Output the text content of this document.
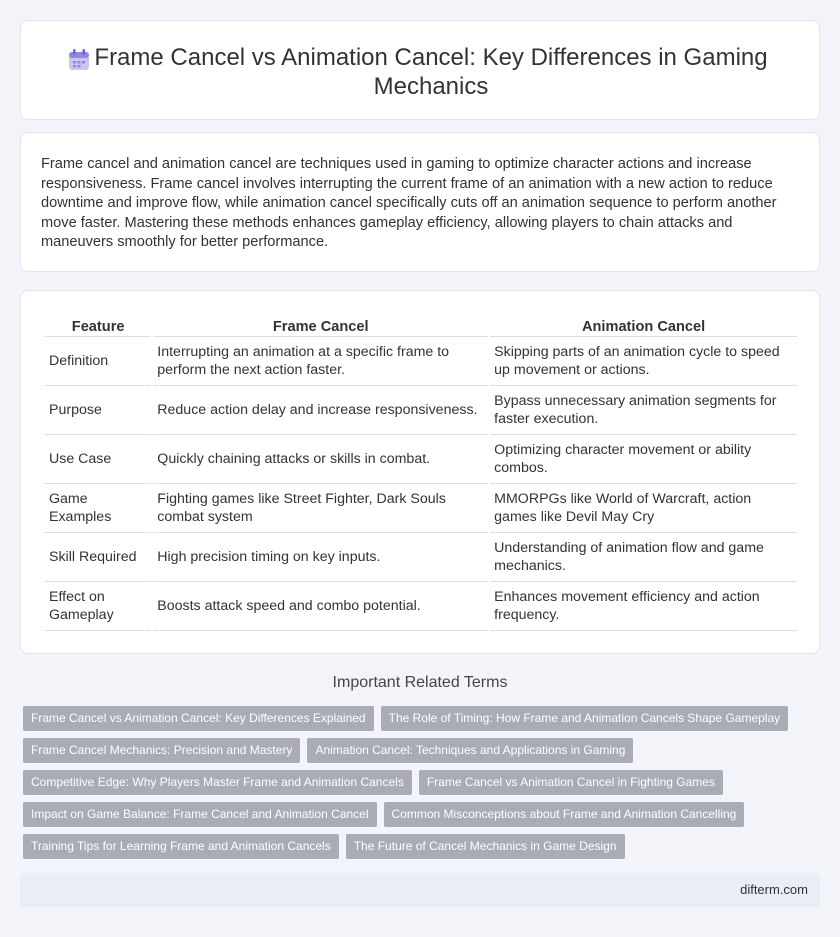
Frame Cancel vs Animation Cancel: Key Differences in Gaming Mechanics

Frame cancel and animation cancel are techniques used in gaming to optimize character actions and increase responsiveness. Frame cancel involves interrupting the current frame of an animation with a new action to reduce downtime and improve flow, while animation cancel specifically cuts off an animation sequence to perform another move faster. Mastering these methods enhances gameplay efficiency, allowing players to chain attacks and maneuvers smoothly for better performance.

Feature	Frame Cancel	Animation Cancel
Definition	Interrupting an animation at a specific frame to perform the next action faster.	Skipping parts of an animation cycle to speed up movement or actions.
Purpose	Reduce action delay and increase responsiveness.	Bypass unnecessary animation segments for faster execution.
Use Case	Quickly chaining attacks or skills in combat.	Optimizing character movement or ability combos.
Game Examples	Fighting games like Street Fighter, Dark Souls combat system	MMORPGs like World of Warcraft, action games like Devil May Cry
Skill Required	High precision timing on key inputs.	Understanding of animation flow and game mechanics.
Effect on Gameplay	Boosts attack speed and combo potential.	Enhances movement efficiency and action frequency.
Important Related Terms
Frame Cancel vs Animation Cancel: Key Differences Explained	The Role of Timing: How Frame and Animation Cancels Shape Gameplay
Frame Cancel Mechanics: Precision and Mastery	Animation Cancel: Techniques and Applications in Gaming
Competitive Edge: Why Players Master Frame and Animation Cancels	Frame Cancel vs Animation Cancel in Fighting Games
Impact on Game Balance: Frame Cancel and Animation Cancel	Common Misconceptions about Frame and Animation Cancelling
Training Tips for Learning Frame and Animation Cancels	The Future of Cancel Mechanics in Game Design
difterm.com
